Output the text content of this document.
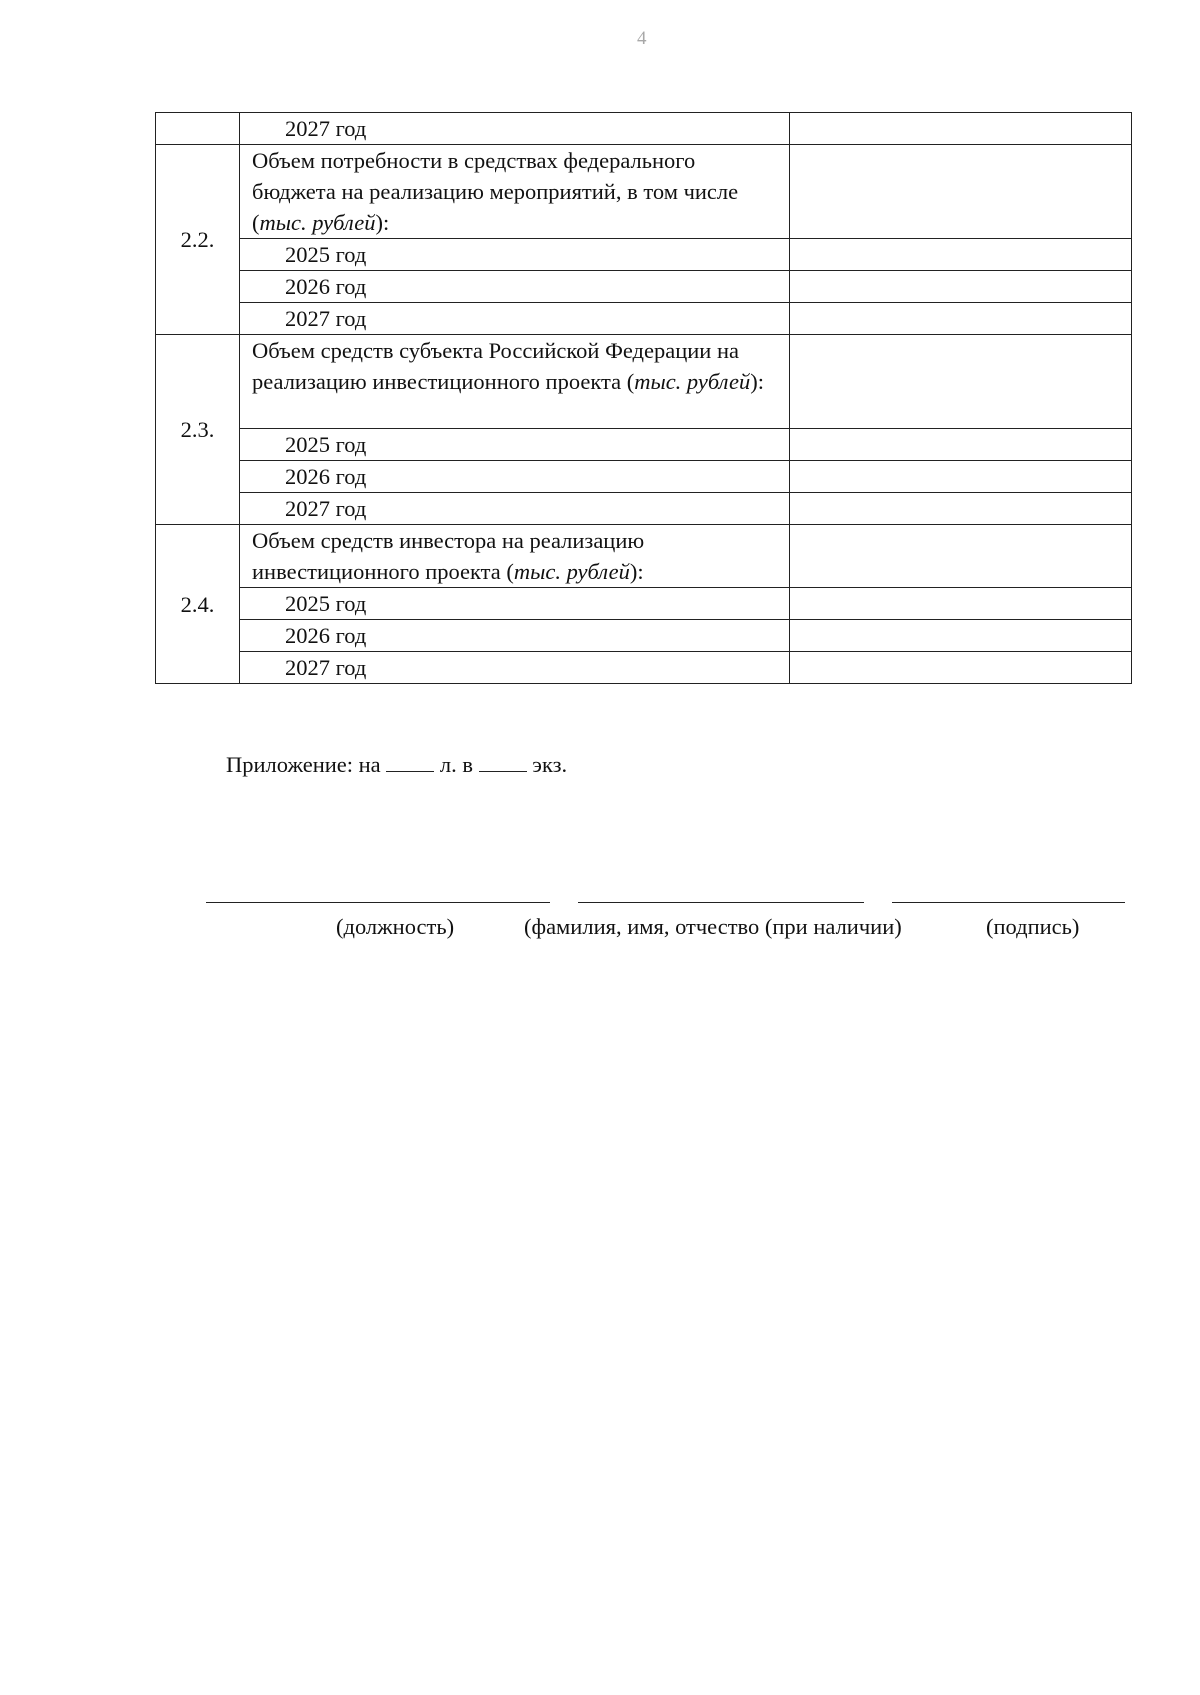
4
	2027 год	
2.2.	Объем потребности в средствах федерального бюджета на реализацию мероприятий, в том числе (тыс. рублей):	
	2025 год	
	2026 год	
	2027 год	
2.3.	Объем средств субъекта Российской Федерации на реализацию инвестиционного проекта (тыс. рублей):	
	2025 год	
	2026 год	
	2027 год	
2.4.	Объем средств инвестора на реализацию инвестиционного проекта (тыс. рублей):	
	2025 год	
	2026 год	
	2027 год	
Приложение: на	л. в	экз.
(должность)	(фамилия, имя, отчество (при наличии)	(подпись)
